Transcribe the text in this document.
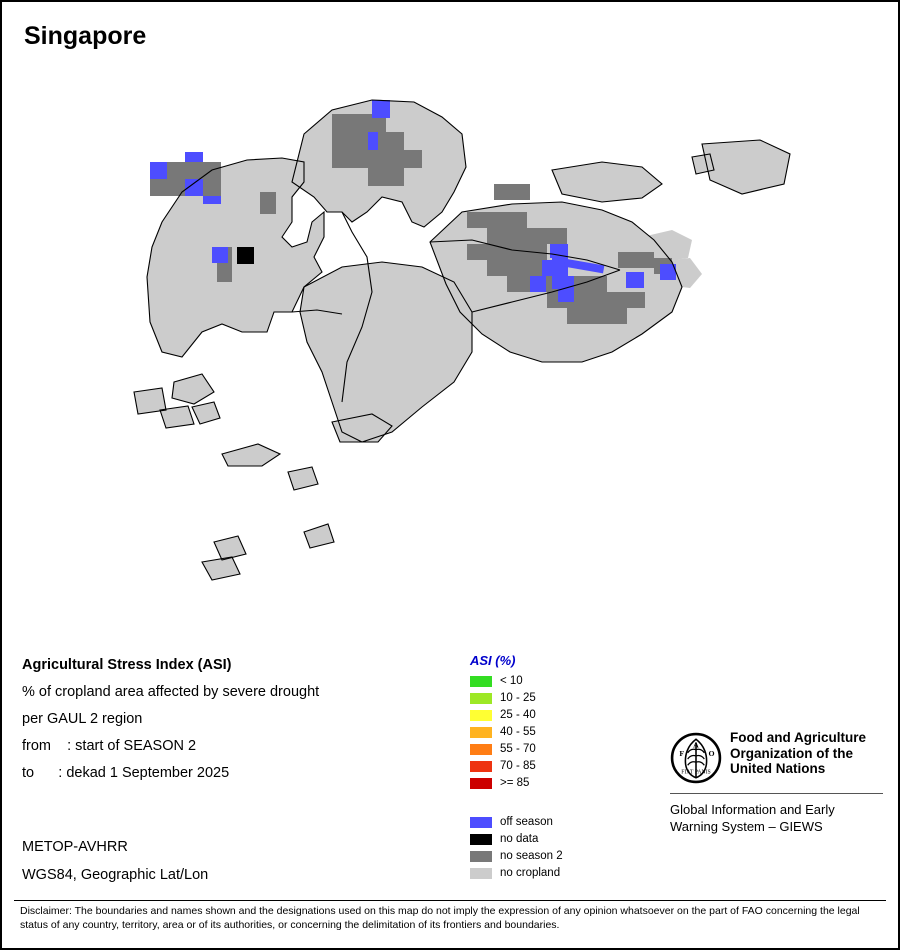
Singapore
Agricultural Stress Index (ASI)
% of cropland area affected by severe drought
per GAUL 2 region
from    : start of SEASON 2
to      : dekad 1 September 2025
METOP-AVHRR
WGS84, Geographic Lat/Lon
ASI (%)
< 10
10 - 25
25 - 40
40 - 55
55 - 70
70 - 85
>= 85
off season
no data
no season 2
no cropland
FIAT PANIS
F
A
O
Food and Agriculture
Organization of the
United Nations
Global Information and Early
Warning System – GIEWS
Disclaimer: The boundaries and names shown and the designations used on this map do not imply the expression of any opinion whatsoever on the part of FAO concerning the legal status of any country, territory, area or of its authorities, or concerning the delimitation of its frontiers and boundaries.
